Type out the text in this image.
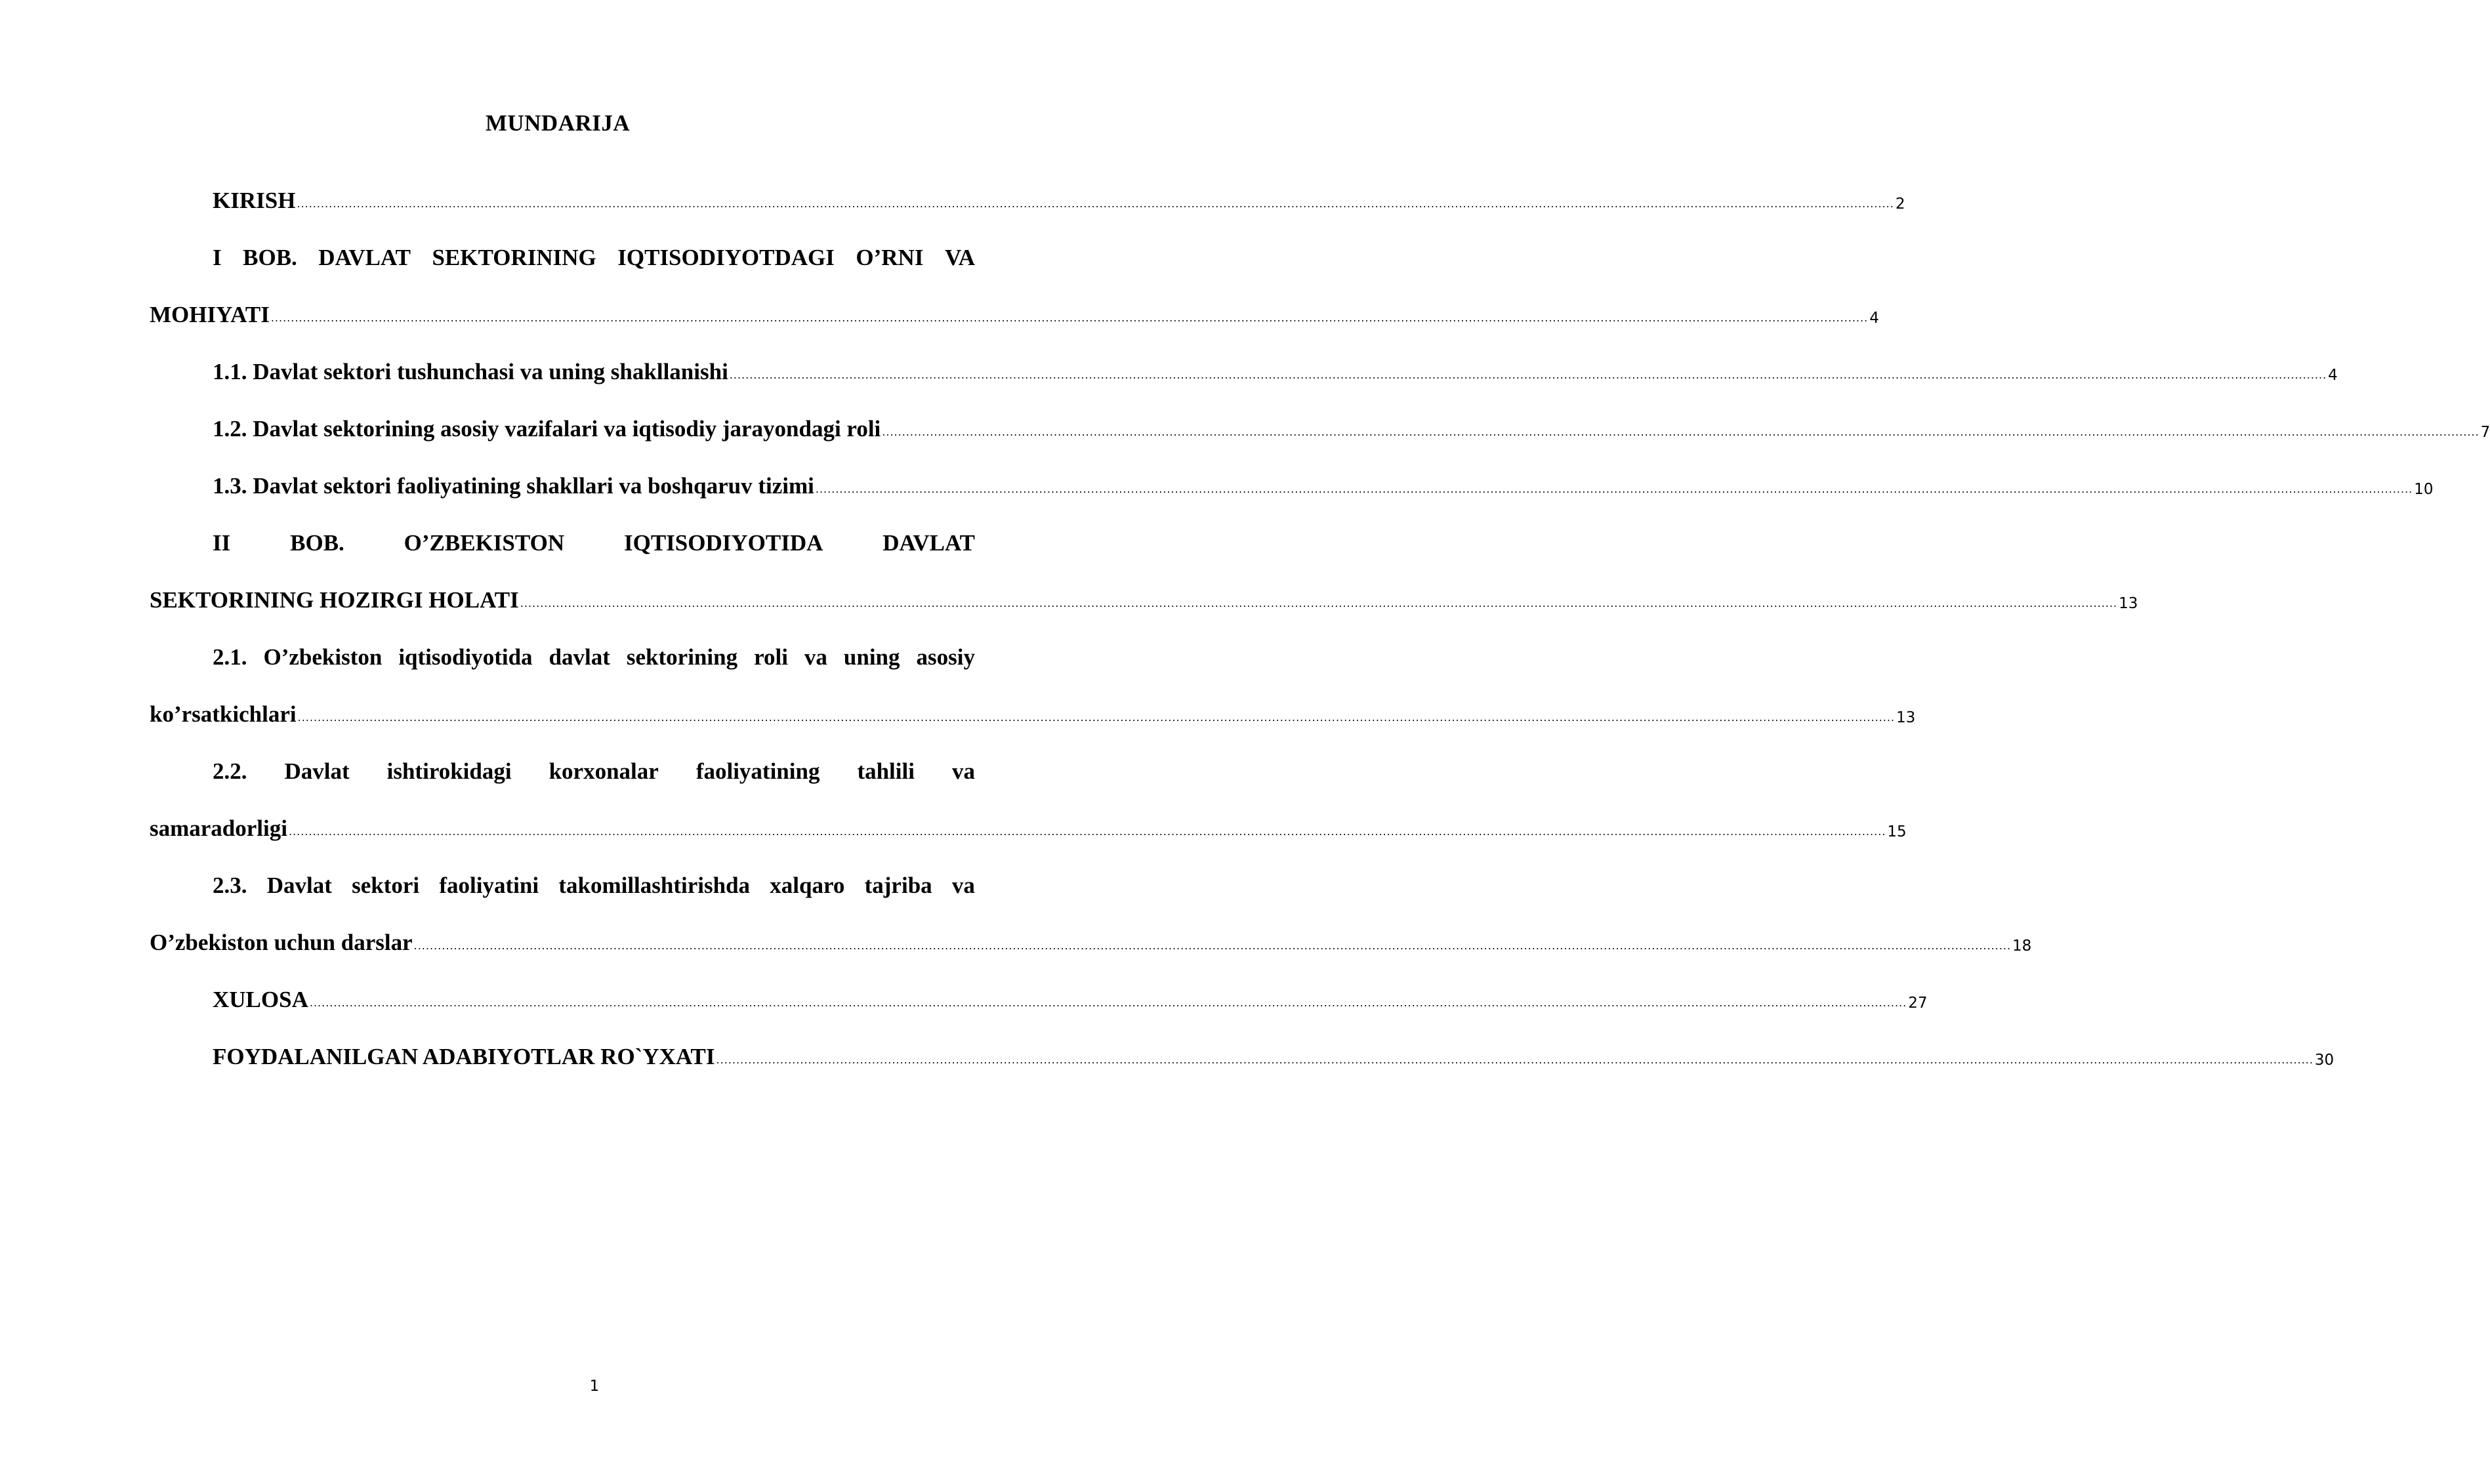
MUNDARIJA
KIRISH ................................................................................................................................................................................................................................................................................................................................................................................................................ 2
I BOB. DAVLAT SEKTORINING IQTISODIYOTDAGI O’RNI VA
MOHIYATI ................................................................................................................................................................................................................................................................................................................................................................................................................ 4
1.1. Davlat sektori tushunchasi va uning shakllanishi ................................................................................................................................................................................................................................................................................................................................................................................................................ 4
1.2. Davlat sektorining asosiy vazifalari va iqtisodiy jarayondagi roli ................................................................................................................................................................................................................................................................................................................................................................................................................ 7
1.3. Davlat sektori faoliyatining shakllari va boshqaruv tizimi ................................................................................................................................................................................................................................................................................................................................................................................................................ 10
II	BOB.	O’ZBEKISTON	IQTISODIYOTIDA	DAVLAT
SEKTORINING HOZIRGI HOLATI ................................................................................................................................................................................................................................................................................................................................................................................................................ 13
2.1. O’zbekiston iqtisodiyotida davlat sektorining roli va uning asosiy
ko’rsatkichlari ................................................................................................................................................................................................................................................................................................................................................................................................................ 13
2.2. Davlat ishtirokidagi korxonalar faoliyatining tahlili va
samaradorligi ................................................................................................................................................................................................................................................................................................................................................................................................................ 15
2.3. Davlat sektori faoliyatini takomillashtirishda xalqaro tajriba va
O’zbekiston uchun darslar ................................................................................................................................................................................................................................................................................................................................................................................................................ 18
XULOSA ................................................................................................................................................................................................................................................................................................................................................................................................................ 27
FOYDALANILGAN ADABIYOTLAR RO`YXATI ................................................................................................................................................................................................................................................................................................................................................................................................................ 30
1
